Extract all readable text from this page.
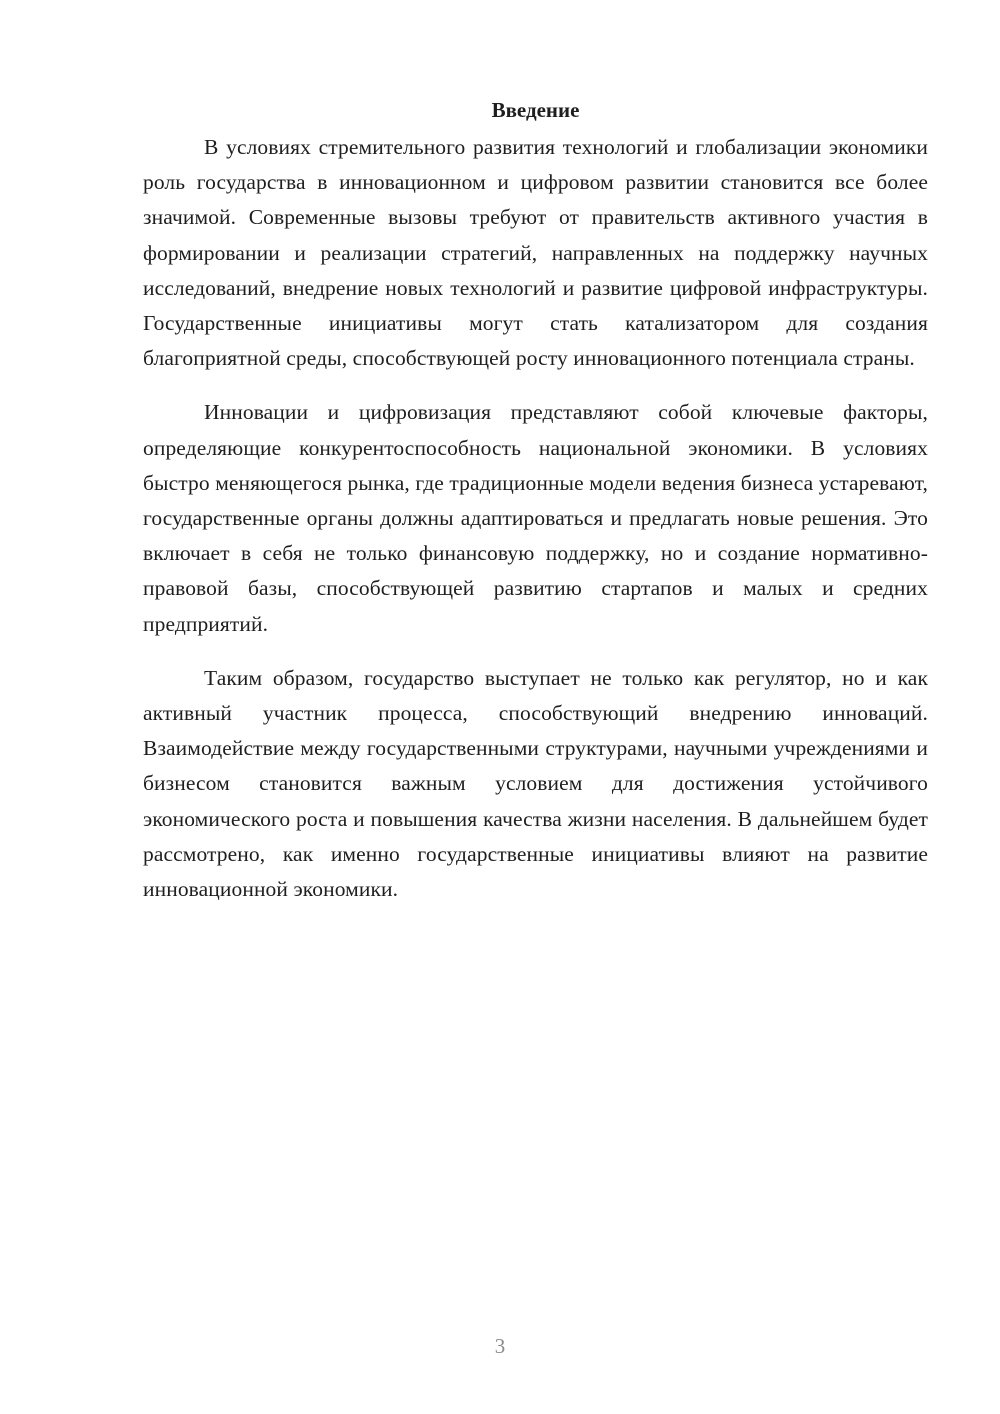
Введение

В условиях стремительного развития технологий и глобализации экономики роль государства в инновационном и цифровом развитии становится все более значимой. Современные вызовы требуют от правительств активного участия в формировании и реализации стратегий, направленных на поддержку научных исследований, внедрение новых технологий и развитие цифровой инфраструктуры. Государственные инициативы могут стать катализатором для создания благоприятной среды, способствующей росту инновационного потенциала страны.

Инновации и цифровизация представляют собой ключевые факторы, определяющие конкурентоспособность национальной экономики. В условиях быстро меняющегося рынка, где традиционные модели ведения бизнеса устаревают, государственные органы должны адаптироваться и предлагать новые решения. Это включает в себя не только финансовую поддержку, но и создание нормативно-правовой базы, способствующей развитию стартапов и малых и средних предприятий.

Таким образом, государство выступает не только как регулятор, но и как активный участник процесса, способствующий внедрению инноваций. Взаимодействие между государственными структурами, научными учреждениями и бизнесом становится важным условием для достижения устойчивого экономического роста и повышения качества жизни населения. В дальнейшем будет рассмотрено, как именно государственные инициативы влияют на развитие инновационной экономики.

3
